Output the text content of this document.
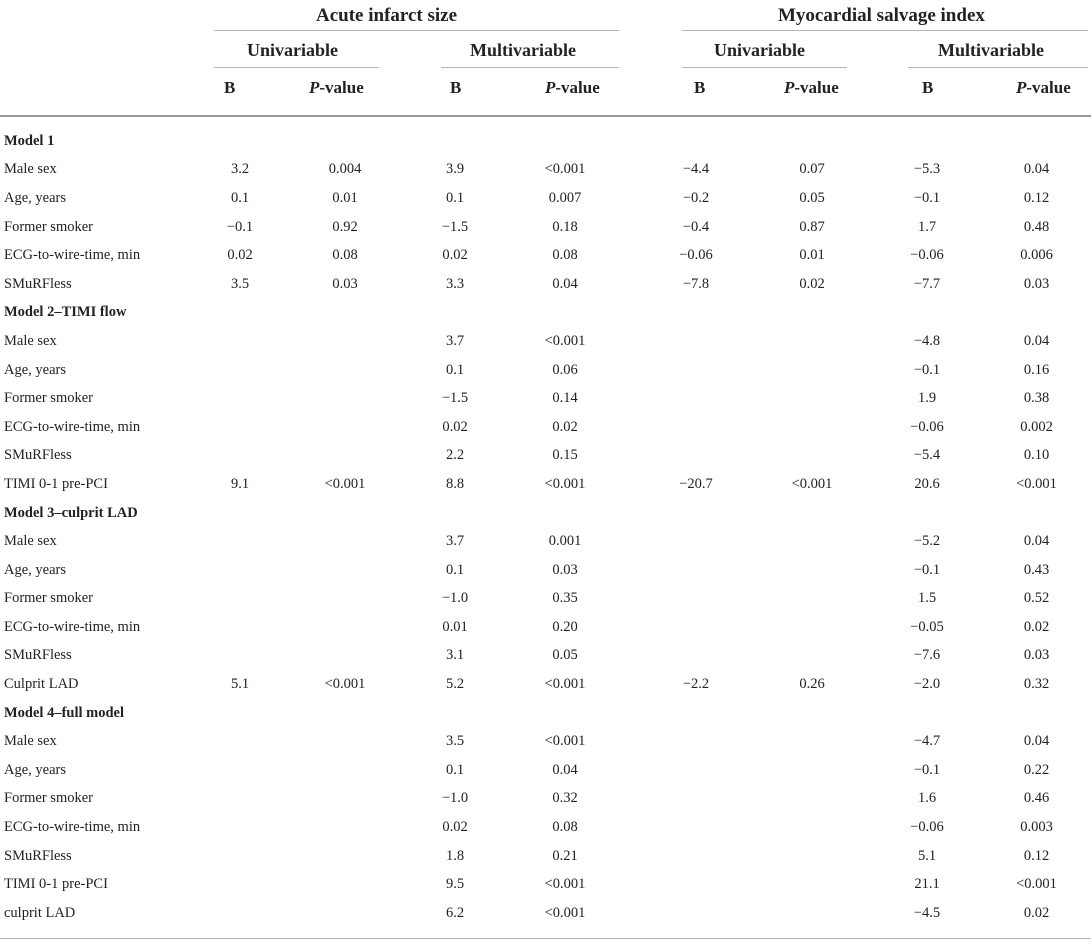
Acute infarct size	Myocardial salvage index
Univariable	Multivariable	Univariable	Multivariable
B	P-value	B	P-value	B	P-value	B	P-value
Model 1								
Male sex	3.2	0.004	3.9	<0.001	−4.4	0.07	−5.3	0.04
Age, years	0.1	0.01	0.1	0.007	−0.2	0.05	−0.1	0.12
Former smoker	−0.1	0.92	−1.5	0.18	−0.4	0.87	1.7	0.48
ECG-to-wire-time, min	0.02	0.08	0.02	0.08	−0.06	0.01	−0.06	0.006
SMuRFless	3.5	0.03	3.3	0.04	−7.8	0.02	−7.7	0.03
Model 2–TIMI flow								
Male sex			3.7	<0.001			−4.8	0.04
Age, years			0.1	0.06			−0.1	0.16
Former smoker			−1.5	0.14			1.9	0.38
ECG-to-wire-time, min			0.02	0.02			−0.06	0.002
SMuRFless			2.2	0.15			−5.4	0.10
TIMI 0-1 pre-PCI	9.1	<0.001	8.8	<0.001	−20.7	<0.001	20.6	<0.001
Model 3–culprit LAD								
Male sex			3.7	0.001			−5.2	0.04
Age, years			0.1	0.03			−0.1	0.43
Former smoker			−1.0	0.35			1.5	0.52
ECG-to-wire-time, min			0.01	0.20			−0.05	0.02
SMuRFless			3.1	0.05			−7.6	0.03
Culprit LAD	5.1	<0.001	5.2	<0.001	−2.2	0.26	−2.0	0.32
Model 4–full model								
Male sex			3.5	<0.001			−4.7	0.04
Age, years			0.1	0.04			−0.1	0.22
Former smoker			−1.0	0.32			1.6	0.46
ECG-to-wire-time, min			0.02	0.08			−0.06	0.003
SMuRFless			1.8	0.21			5.1	0.12
TIMI 0-1 pre-PCI			9.5	<0.001			21.1	<0.001
culprit LAD			6.2	<0.001			−4.5	0.02
